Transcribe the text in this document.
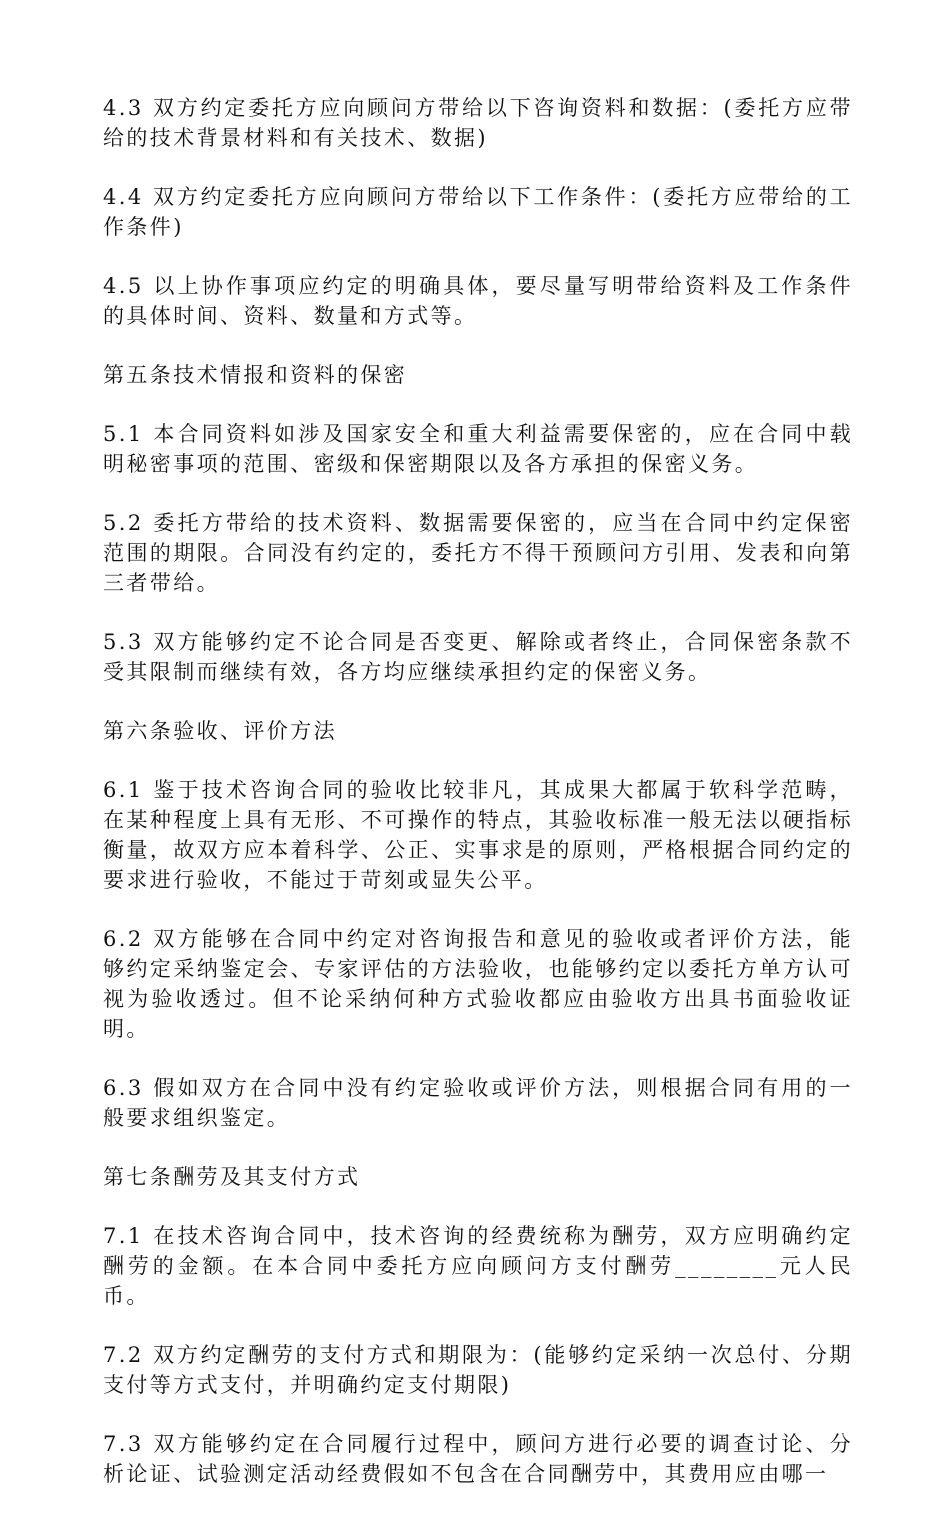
4.3 双方约定委托方应向顾问方带给以下咨询资料和数据：(委托方应带给的技术背景材料和有关技术、数据)

4.4 双方约定委托方应向顾问方带给以下工作条件：(委托方应带给的工作条件)

4.5 以上协作事项应约定的明确具体，要尽量写明带给资料及工作条件的具体时间、资料、数量和方式等。

第五条技术情报和资料的保密

5.1 本合同资料如涉及国家安全和重大利益需要保密的，应在合同中载明秘密事项的范围、密级和保密期限以及各方承担的保密义务。

5.2 委托方带给的技术资料、数据需要保密的，应当在合同中约定保密范围的期限。合同没有约定的，委托方不得干预顾问方引用、发表和向第三者带给。

5.3 双方能够约定不论合同是否变更、解除或者终止，合同保密条款不受其限制而继续有效，各方均应继续承担约定的保密义务。

第六条验收、评价方法

6.1 鉴于技术咨询合同的验收比较非凡，其成果大都属于软科学范畴，在某种程度上具有无形、不可操作的特点，其验收标准一般无法以硬指标衡量，故双方应本着科学、公正、实事求是的原则，严格根据合同约定的要求进行验收，不能过于苛刻或显失公平。

6.2 双方能够在合同中约定对咨询报告和意见的验收或者评价方法，能够约定采纳鉴定会、专家评估的方法验收，也能够约定以委托方单方认可视为验收透过。但不论采纳何种方式验收都应由验收方出具书面验收证明。

6.3 假如双方在合同中没有约定验收或评价方法，则根据合同有用的一般要求组织鉴定。

第七条酬劳及其支付方式

7.1 在技术咨询合同中，技术咨询的经费统称为酬劳，双方应明确约定酬劳的金额。在本合同中委托方应向顾问方支付酬劳________元人民币。

7.2 双方约定酬劳的支付方式和期限为：(能够约定采纳一次总付、分期支付等方式支付，并明确约定支付期限)

7.3 双方能够约定在合同履行过程中，顾问方进行必要的调查讨论、分析论证、试验测定活动经费假如不包含在合同酬劳中，其费用应由哪一
